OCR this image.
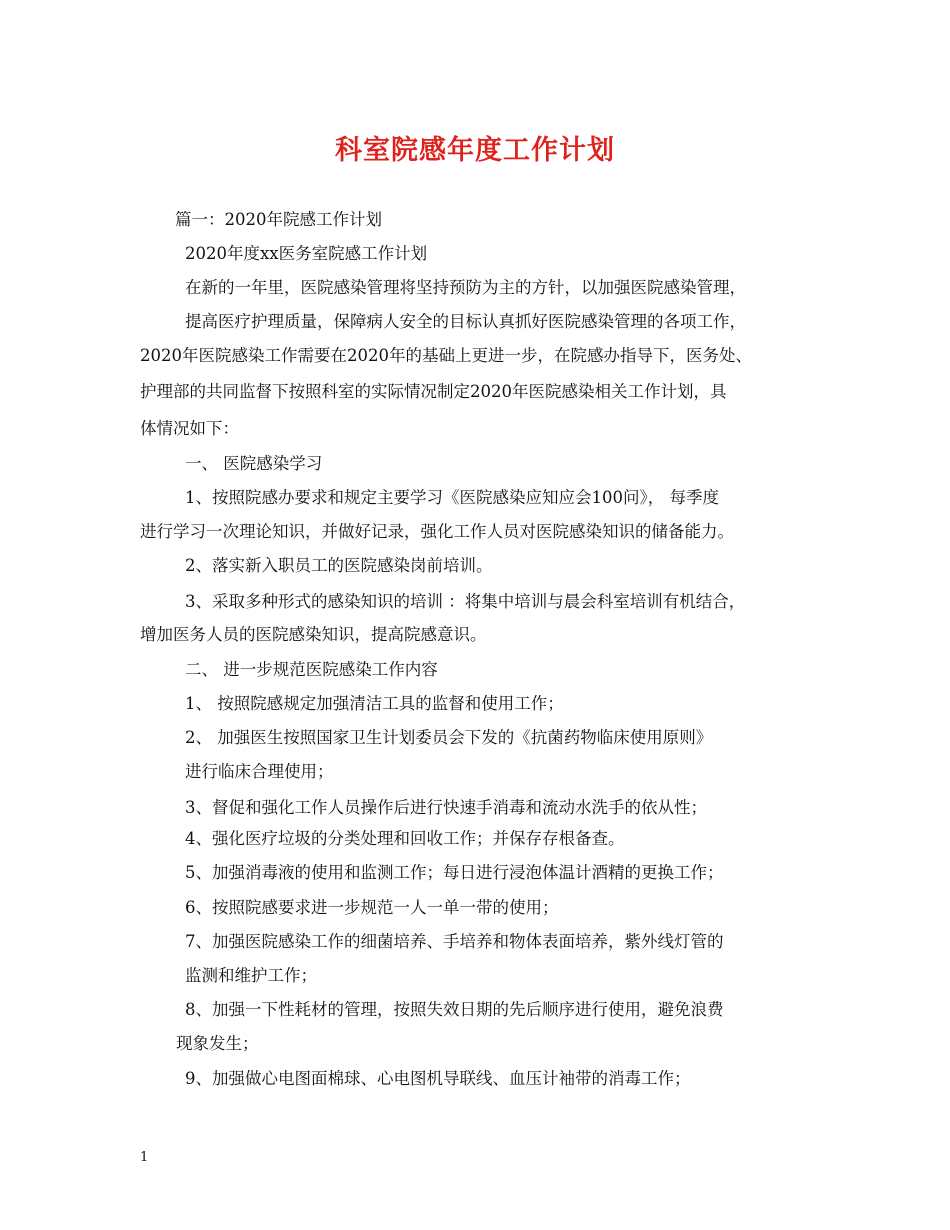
科室院感年度工作计划
篇一：2020年院感工作计划
2020年度xx医务室院感工作计划
在新的一年里，医院感染管理将坚持预防为主的方针，以加强医院感染管理，
提高医疗护理质量，保障病人安全的目标认真抓好医院感染管理的各项工作，
2020年医院感染工作需要在2020年的基础上更进一步，在院感办指导下，医务处、
护理部的共同监督下按照科室的实际情况制定2020年医院感染相关工作计划，具
体情况如下：
一、 医院感染学习
1、按照院感办要求和规定主要学习《医院感染应知应会100问》， 每季度
进行学习一次理论知识，并做好记录，强化工作人员对医院感染知识的储备能力。
2、落实新入职员工的医院感染岗前培训。
3、采取多种形式的感染知识的培训 ：将集中培训与晨会科室培训有机结合，
增加医务人员的医院感染知识，提高院感意识。
二、 进一步规范医院感染工作内容
1、 按照院感规定加强清洁工具的监督和使用工作；
2、 加强医生按照国家卫生计划委员会下发的《抗菌药物临床使用原则》
进行临床合理使用；
3、督促和强化工作人员操作后进行快速手消毒和流动水洗手的依从性；
4、强化医疗垃圾的分类处理和回收工作；并保存存根备查。
5、加强消毒液的使用和监测工作；每日进行浸泡体温计酒精的更换工作；
6、按照院感要求进一步规范一人一单一带的使用；
7、加强医院感染工作的细菌培养、手培养和物体表面培养，紫外线灯管的
监测和维护工作；
8、加强一下性耗材的管理，按照失效日期的先后顺序进行使用，避免浪费
现象发生；
9、加强做心电图面棉球、心电图机导联线、血压计袖带的消毒工作；
1
